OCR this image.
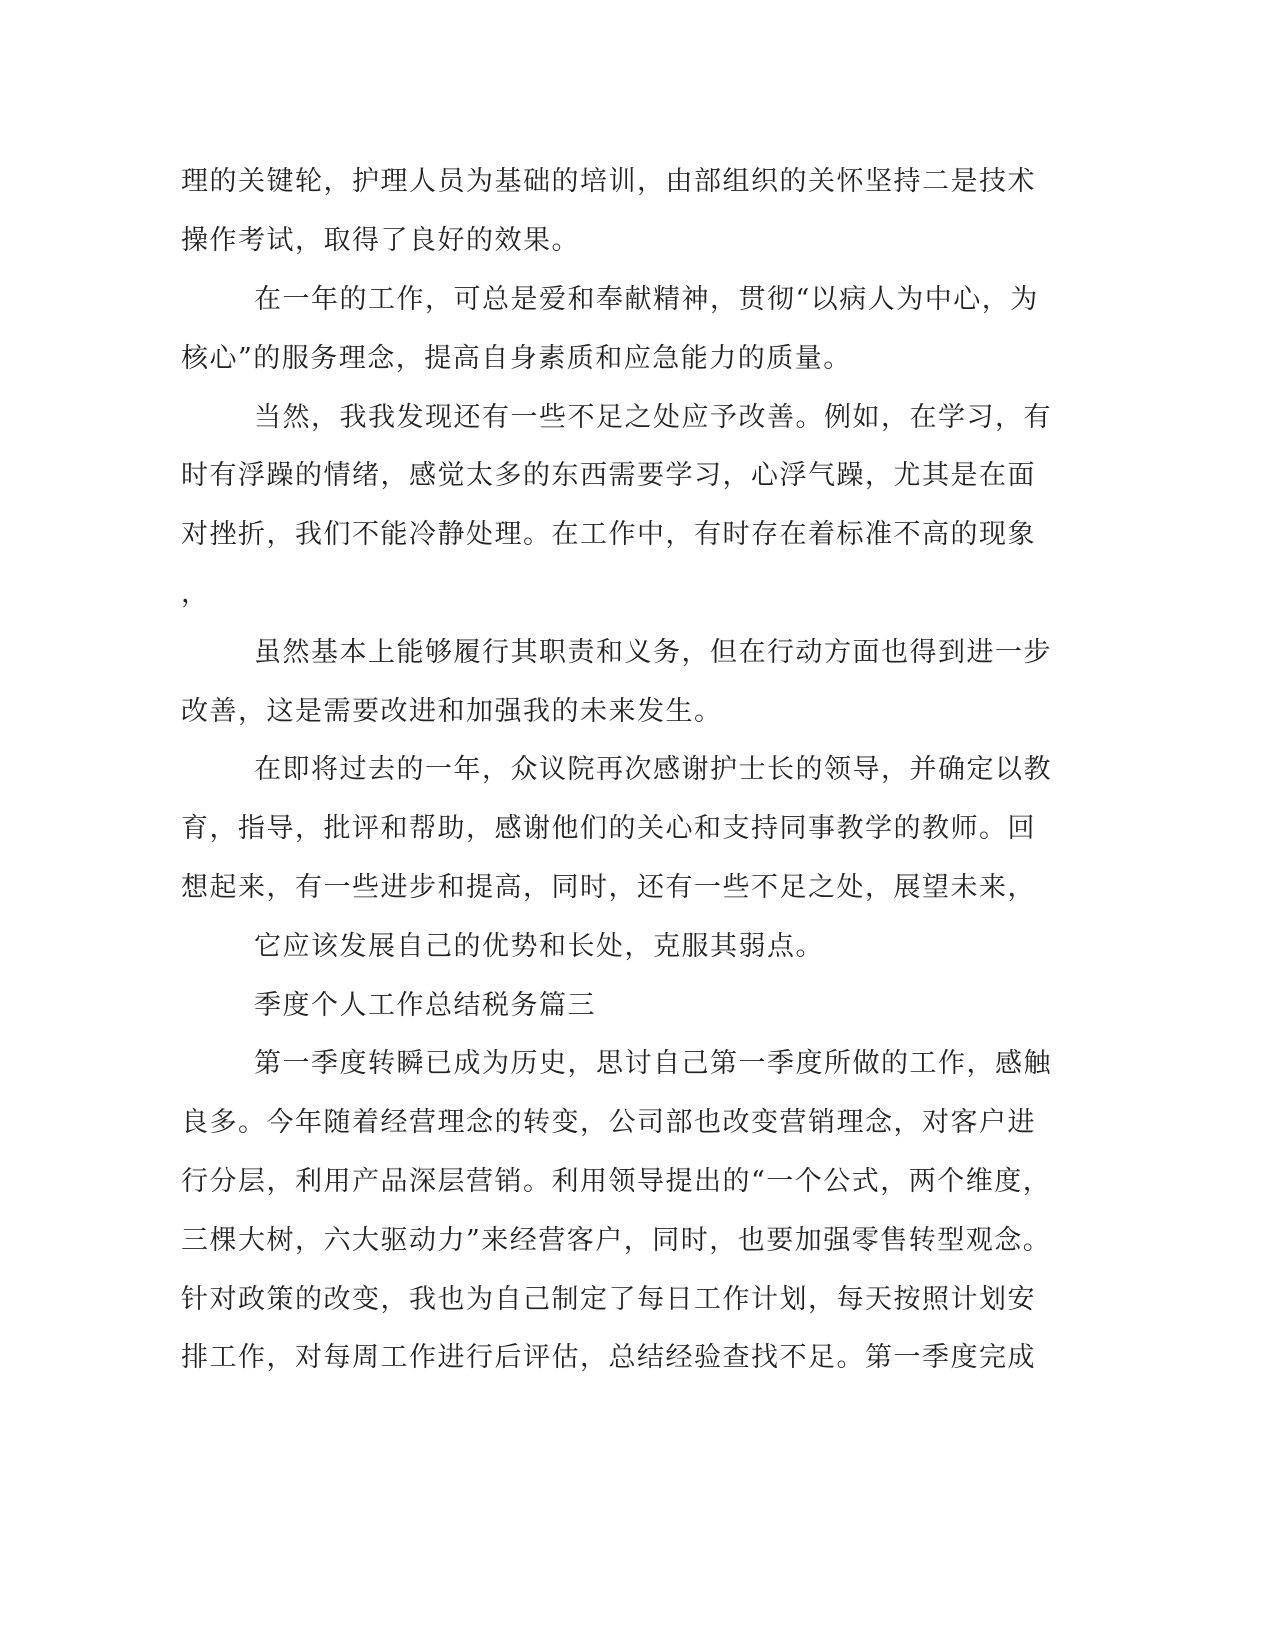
理的关键轮，护理人员为基础的培训，由部组织的关怀坚持二是技术
操作考试，取得了良好的效果。
在一年的工作，可总是爱和奉献精神，贯彻“以病人为中心，为
核心”的服务理念，提高自身素质和应急能力的质量。
当然，我我发现还有一些不足之处应予改善。例如，在学习，有
时有浮躁的情绪，感觉太多的东西需要学习，心浮气躁，尤其是在面
对挫折，我们不能冷静处理。在工作中，有时存在着标准不高的现象
，
虽然基本上能够履行其职责和义务，但在行动方面也得到进一步
改善，这是需要改进和加强我的未来发生。
在即将过去的一年，众议院再次感谢护士长的领导，并确定以教
育，指导，批评和帮助，感谢他们的关心和支持同事教学的教师。回
想起来，有一些进步和提高，同时，还有一些不足之处，展望未来，
它应该发展自己的优势和长处，克服其弱点。
季度个人工作总结税务篇三
第一季度转瞬已成为历史，思讨自己第一季度所做的工作，感触
良多。今年随着经营理念的转变，公司部也改变营销理念，对客户进
行分层，利用产品深层营销。利用领导提出的“一个公式，两个维度，
三棵大树，六大驱动力”来经营客户，同时，也要加强零售转型观念。
针对政策的改变，我也为自己制定了每日工作计划，每天按照计划安
排工作，对每周工作进行后评估，总结经验查找不足。第一季度完成
